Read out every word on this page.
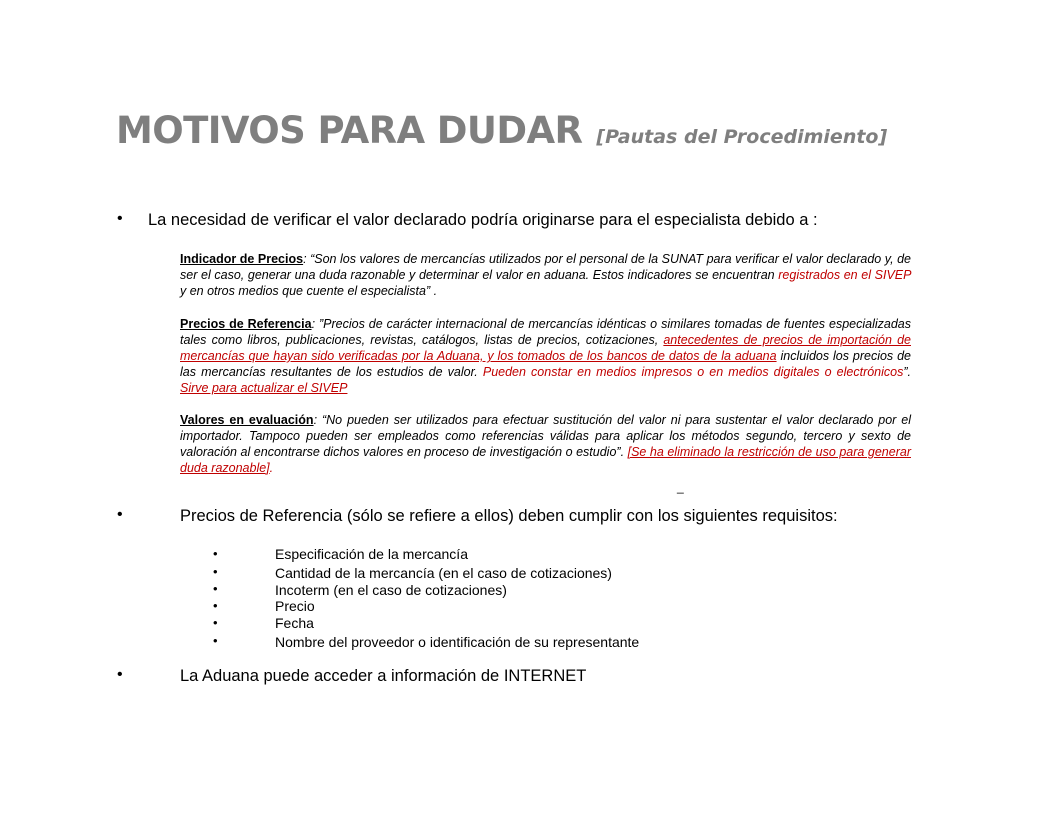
MOTIVOS PARA DUDAR [Pautas del Procedimiento]
• La necesidad de verificar el valor declarado podría originarse para el especialista debido a :

Indicador de Precios: “Son los valores de mercancías utilizados por el personal de la SUNAT para verificar el valor declarado y, de ser el caso, generar una duda razonable y determinar el valor en aduana. Estos indicadores se encuentran registrados en el SIVEP y en otros medios que cuente el especialista” .

Precios de Referencia: ”Precios de carácter internacional de mercancías idénticas o similares tomadas de fuentes especializadas tales como libros, publicaciones, revistas, catálogos, listas de precios, cotizaciones, antecedentes de precios de importación de mercancías que hayan sido verificadas por la Aduana, y los tomados de los bancos de datos de la aduana incluidos los precios de las mercancías resultantes de los estudios de valor. Pueden constar en medios impresos o en medios digitales o electrónicos”. Sirve para actualizar el SIVEP

Valores en evaluación: “No pueden ser utilizados para efectuar sustitución del valor ni para sustentar el valor declarado por el importador. Tampoco pueden ser empleados como referencias válidas para aplicar los métodos segundo, tercero y sexto de valoración al encontrarse dichos valores en proceso de investigación o estudio”. [Se ha eliminado la restricción de uso para generar duda razonable].

_
•	Precios de Referencia (sólo se refiere a ellos) deben cumplir con los siguientes requisitos:
•	Especificación de la mercancía
•	Cantidad de la mercancía (en el caso de cotizaciones)
•	Incoterm (en el caso de cotizaciones)
•	Precio
•	Fecha
•	Nombre del proveedor o identificación de su representante
•	La Aduana puede acceder a información de INTERNET
